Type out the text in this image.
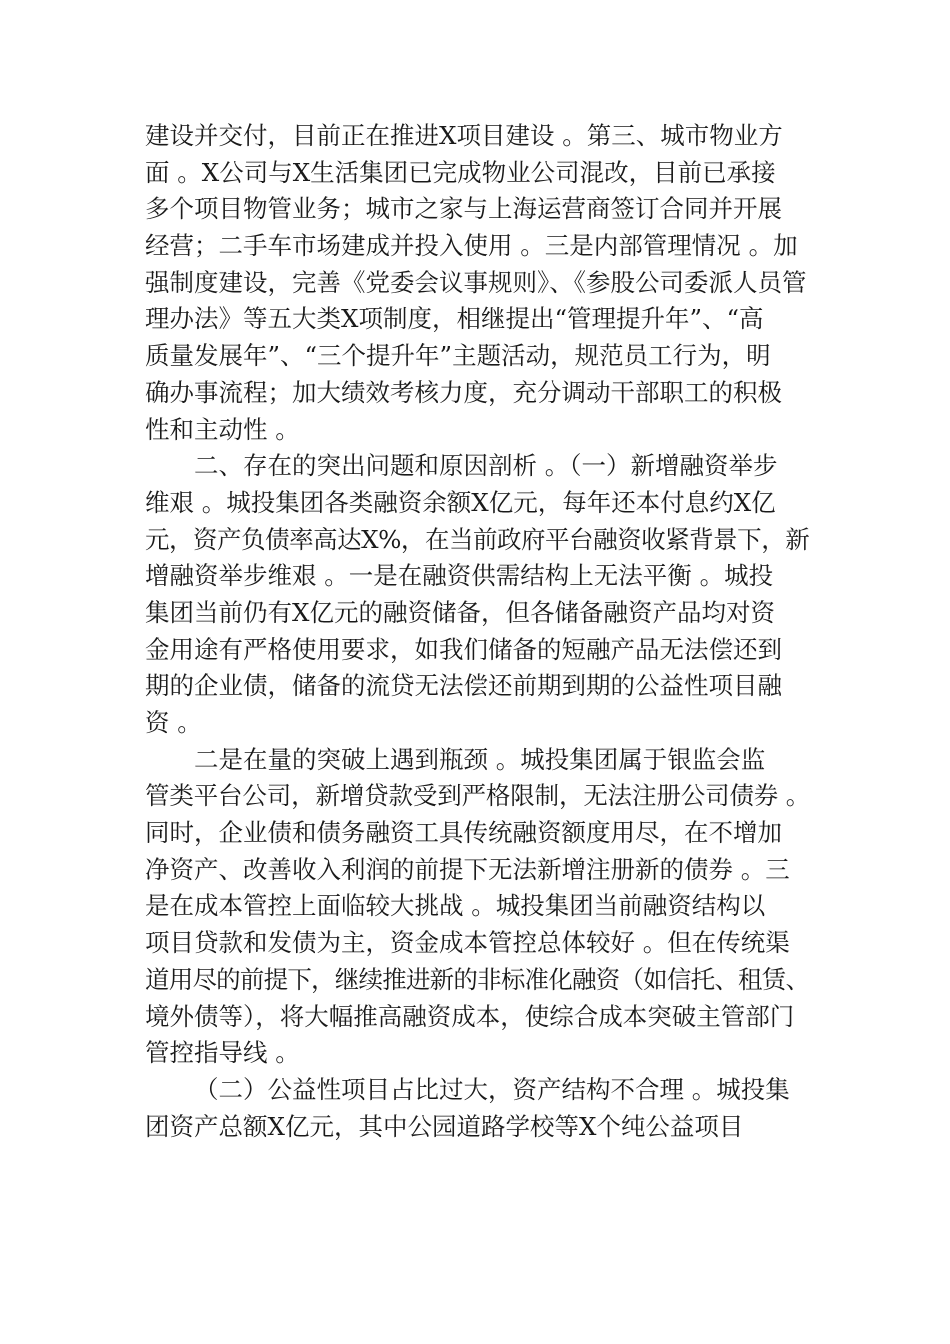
建设并交付，目前正在推进X项目建设 。第三、城市物业方
面 。X公司与X生活集团已完成物业公司混改，目前已承接
多个项目物管业务；城市之家与上海运营商签订合同并开展
经营；二手车市场建成并投入使用 。三是内部管理情况 。加
强制度建设，完善《党委会议事规则》、《参股公司委派人员管
理办法》等五大类X项制度，相继提出“管理提升年”、“高
质量发展年”、“三个提升年”主题活动，规范员工行为，明
确办事流程；加大绩效考核力度，充分调动干部职工的积极
性和主动性 。
二、存在的突出问题和原因剖析 。（一）新增融资举步
维艰 。城投集团各类融资余额X亿元，每年还本付息约X亿
元，资产负债率高达X%，在当前政府平台融资收紧背景下，新
增融资举步维艰 。一是在融资供需结构上无法平衡 。城投
集团当前仍有X亿元的融资储备，但各储备融资产品均对资
金用途有严格使用要求，如我们储备的短融产品无法偿还到
期的企业债，储备的流贷无法偿还前期到期的公益性项目融
资 。
二是在量的突破上遇到瓶颈 。城投集团属于银监会监
管类平台公司，新增贷款受到严格限制，无法注册公司债券 。
同时，企业债和债务融资工具传统融资额度用尽，在不增加
净资产、改善收入利润的前提下无法新增注册新的债券 。三
是在成本管控上面临较大挑战 。城投集团当前融资结构以
项目贷款和发债为主，资金成本管控总体较好 。但在传统渠
道用尽的前提下，继续推进新的非标准化融资（如信托、租赁、
境外债等），将大幅推高融资成本，使综合成本突破主管部门
管控指导线 。
（二）公益性项目占比过大，资产结构不合理 。城投集
团资产总额X亿元，其中公园道路学校等X个纯公益项目
